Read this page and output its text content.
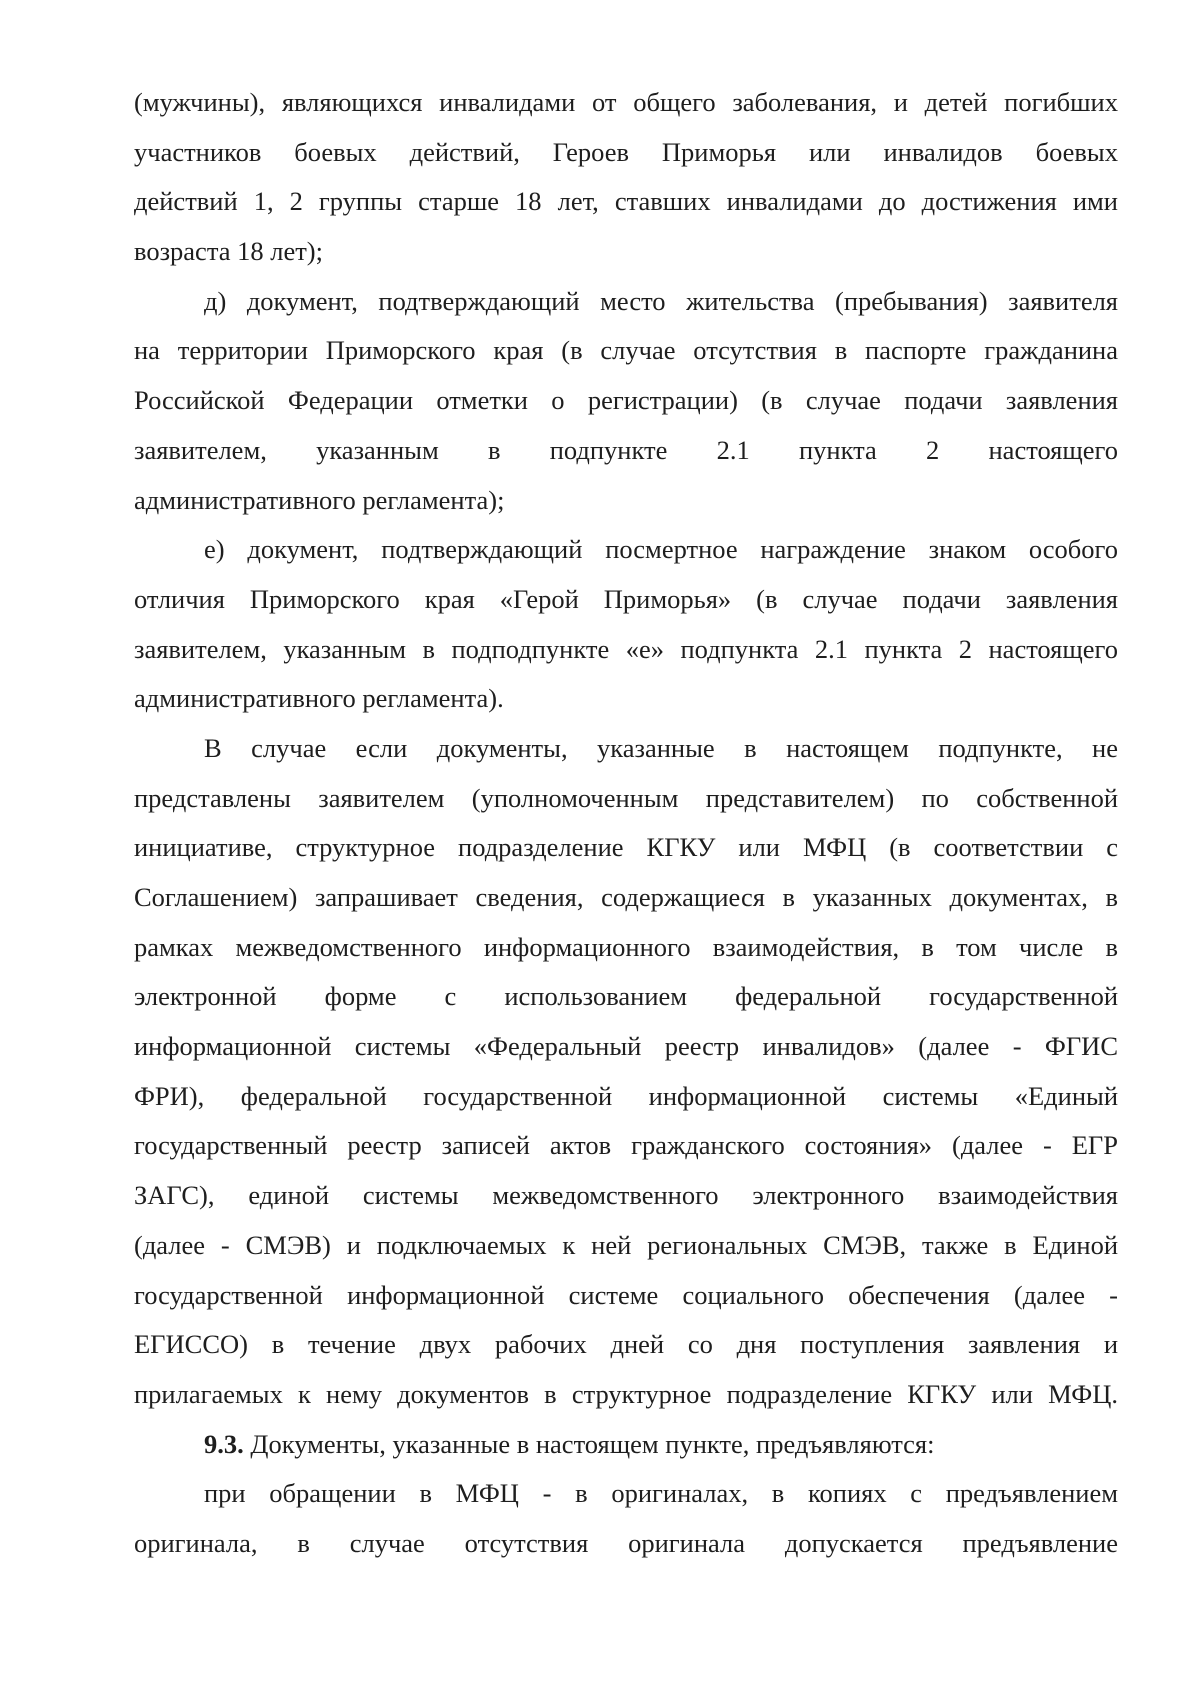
(мужчины), являющихся инвалидами от общего заболевания, и детей погибших
участников боевых действий, Героев Приморья или инвалидов боевых
действий 1, 2 группы старше 18 лет, ставших инвалидами до достижения ими
возраста 18 лет);
д) документ, подтверждающий место жительства (пребывания) заявителя
на территории Приморского края (в случае отсутствия в паспорте гражданина
Российской Федерации отметки о регистрации) (в случае подачи заявления
заявителем, указанным в подпункте 2.1 пункта 2 настоящего
административного регламента);
е) документ, подтверждающий посмертное награждение знаком особого
отличия Приморского края «Герой Приморья» (в случае подачи заявления
заявителем, указанным в подподпункте «е» подпункта 2.1 пункта 2 настоящего
административного регламента).
В случае если документы, указанные в настоящем подпункте, не
представлены заявителем (уполномоченным представителем) по собственной
инициативе, структурное подразделение КГКУ или МФЦ (в соответствии с
Соглашением) запрашивает сведения, содержащиеся в указанных документах, в
рамках межведомственного информационного взаимодействия, в том числе в
электронной форме с использованием федеральной государственной
информационной системы «Федеральный реестр инвалидов» (далее - ФГИС
ФРИ), федеральной государственной информационной системы «Единый
государственный реестр записей актов гражданского состояния» (далее - ЕГР
ЗАГС), единой системы межведомственного электронного взаимодействия
(далее - СМЭВ) и подключаемых к ней региональных СМЭВ, также в Единой
государственной информационной системе социального обеспечения (далее -
ЕГИССО) в течение двух рабочих дней со дня поступления заявления и
прилагаемых к нему документов в структурное подразделение КГКУ или МФЦ.
9.3. Документы, указанные в настоящем пункте, предъявляются:
при обращении в МФЦ - в оригиналах, в копиях с предъявлением
оригинала, в случае отсутствия оригинала допускается предъявление
